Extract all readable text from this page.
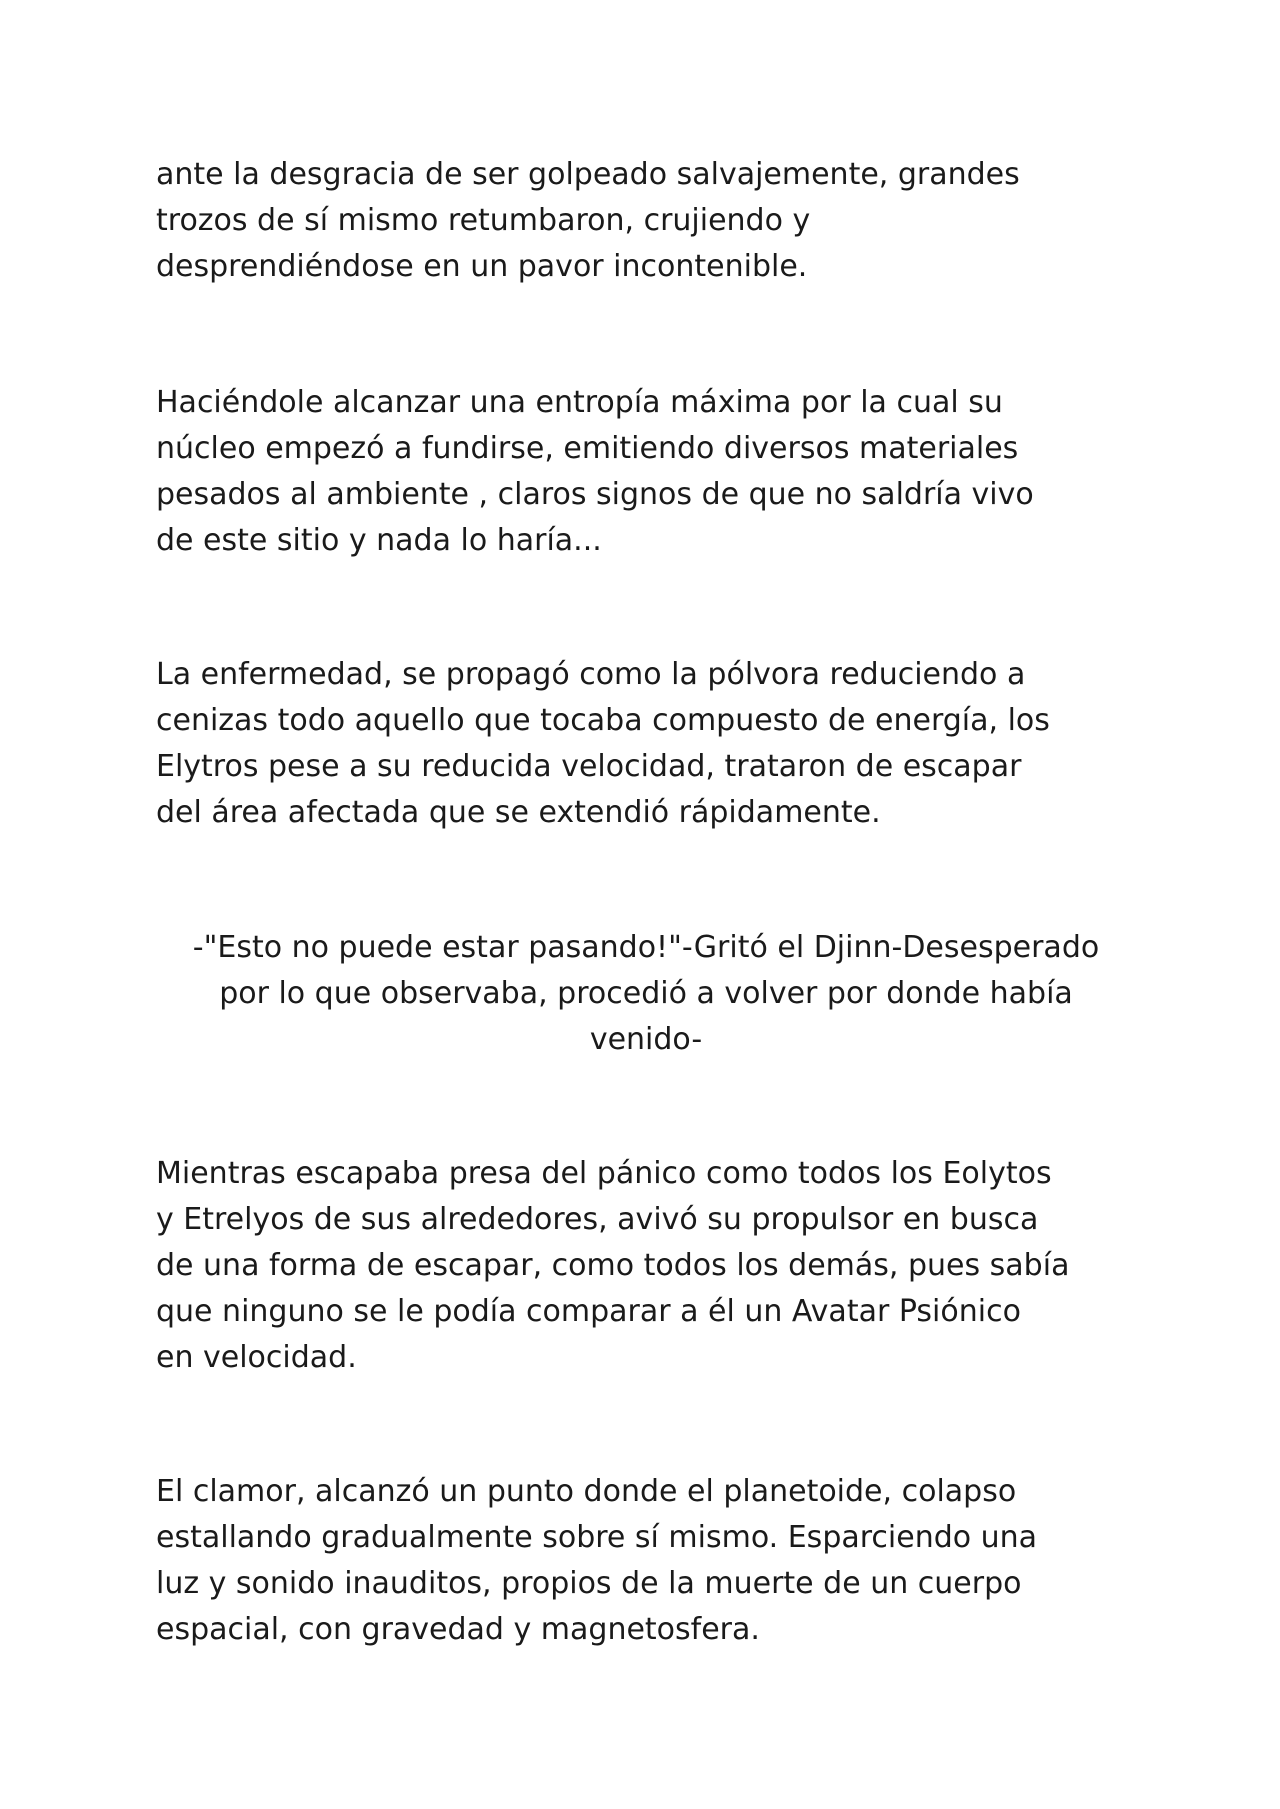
ante la desgracia de ser golpeado salvajemente, grandes
trozos de sí mismo retumbaron, crujiendo y
desprendiéndose en un pavor incontenible.

Haciéndole alcanzar una entropía máxima por la cual su
núcleo empezó a fundirse, emitiendo diversos materiales
pesados al ambiente , claros signos de que no saldría vivo
de este sitio y nada lo haría...

La enfermedad, se propagó como la pólvora reduciendo a
cenizas todo aquello que tocaba compuesto de energía, los
Elytros pese a su reducida velocidad, trataron de escapar
del área afectada que se extendió rápidamente.

-"Esto no puede estar pasando!"-Gritó el Djinn-Desesperado
por lo que observaba, procedió a volver por donde había
venido-

Mientras escapaba presa del pánico como todos los Eolytos
y Etrelyos de sus alrededores, avivó su propulsor en busca
de una forma de escapar, como todos los demás, pues sabía
que ninguno se le podía comparar a él un Avatar Psiónico
en velocidad.

El clamor, alcanzó un punto donde el planetoide, colapso
estallando gradualmente sobre sí mismo. Esparciendo una
luz y sonido inauditos, propios de la muerte de un cuerpo
espacial, con gravedad y magnetosfera.
